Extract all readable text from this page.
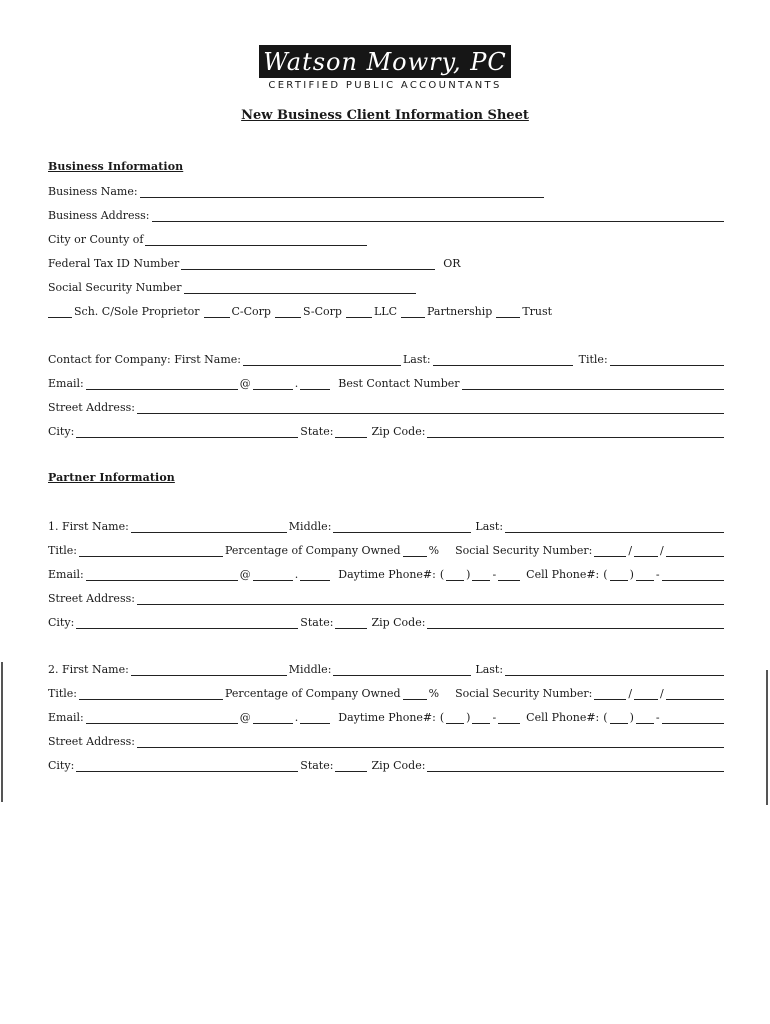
Watson Mowry, PC
CERTIFIED PUBLIC ACCOUNTANTS
New Business Client Information Sheet
Business Information
Business Name:
Business Address:
City or County of
Federal Tax ID Number	OR
Social Security Number
Sch. C/Sole Proprietor	C-Corp	S-Corp	LLC	Partnership	Trust
Contact for Company: First Name:	Last:	Title:
Email:	@	.	Best Contact Number
Street Address:
City:	State:	Zip Code:
Partner Information
1. First Name:	Middle:	Last:
Title:	Percentage of Company Owned	% Social Security Number:	/	/
Email:	@	.	Daytime Phone#: ( ) -	Cell Phone#: ( ) -
Street Address:
City:	State:	Zip Code:
2. First Name:	Middle:	Last:
Title:	Percentage of Company Owned	% Social Security Number:	/	/
Email:	@	.	Daytime Phone#: ( ) -	Cell Phone#: ( ) -
Street Address:
City:	State:	Zip Code:
